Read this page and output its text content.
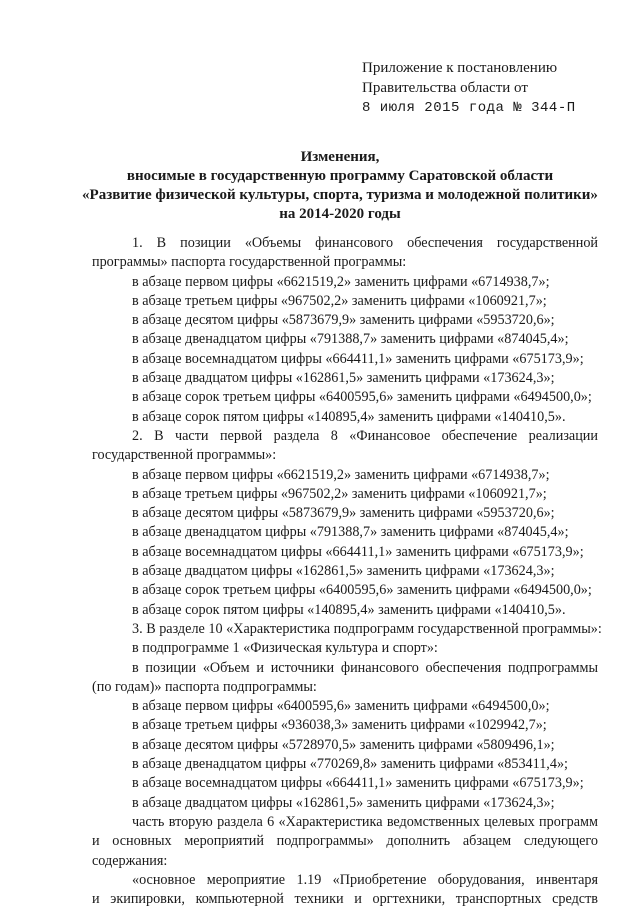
Приложение к постановлению
Правительства области от
8 июля 2015 года № 344-П
Изменения,
вносимые в государственную программу Саратовской области
«Развитие физической культуры, спорта, туризма и молодежной политики»
на 2014-2020 годы
1. В позиции «Объемы финансового обеспечения государственной
программы» паспорта государственной программы:
в абзаце первом цифры «6621519,2» заменить цифрами «6714938,7»;
в абзаце третьем цифры «967502,2» заменить цифрами «1060921,7»;
в абзаце десятом цифры «5873679,9» заменить цифрами «5953720,6»;
в абзаце двенадцатом цифры «791388,7» заменить цифрами «874045,4»;
в абзаце восемнадцатом цифры «664411,1» заменить цифрами «675173,9»;
в абзаце двадцатом цифры «162861,5» заменить цифрами «173624,3»;
в абзаце сорок третьем цифры «6400595,6» заменить цифрами «6494500,0»;
в абзаце сорок пятом цифры «140895,4» заменить цифрами «140410,5».
2. В части первой раздела 8 «Финансовое обеспечение реализации
государственной программы»:
в абзаце первом цифры «6621519,2» заменить цифрами «6714938,7»;
в абзаце третьем цифры «967502,2» заменить цифрами «1060921,7»;
в абзаце десятом цифры «5873679,9» заменить цифрами «5953720,6»;
в абзаце двенадцатом цифры «791388,7» заменить цифрами «874045,4»;
в абзаце восемнадцатом цифры «664411,1» заменить цифрами «675173,9»;
в абзаце двадцатом цифры «162861,5» заменить цифрами «173624,3»;
в абзаце сорок третьем цифры «6400595,6» заменить цифрами «6494500,0»;
в абзаце сорок пятом цифры «140895,4» заменить цифрами «140410,5».
3. В разделе 10 «Характеристика подпрограмм государственной программы»:
в подпрограмме 1 «Физическая культура и спорт»:
в позиции «Объем и источники финансового обеспечения подпрограммы
(по годам)» паспорта подпрограммы:
в абзаце первом цифры «6400595,6» заменить цифрами «6494500,0»;
в абзаце третьем цифры «936038,3» заменить цифрами «1029942,7»;
в абзаце десятом цифры «5728970,5» заменить цифрами «5809496,1»;
в абзаце двенадцатом цифры «770269,8» заменить цифрами «853411,4»;
в абзаце восемнадцатом цифры «664411,1» заменить цифрами «675173,9»;
в абзаце двадцатом цифры «162861,5» заменить цифрами «173624,3»;
часть вторую раздела 6 «Характеристика ведомственных целевых программ и основных мероприятий подпрограммы» дополнить абзацем следующего содержания:
«основное мероприятие 1.19 «Приобретение оборудования, инвентаря
и экипировки, компьютерной техники и оргтехники, транспортных средств
